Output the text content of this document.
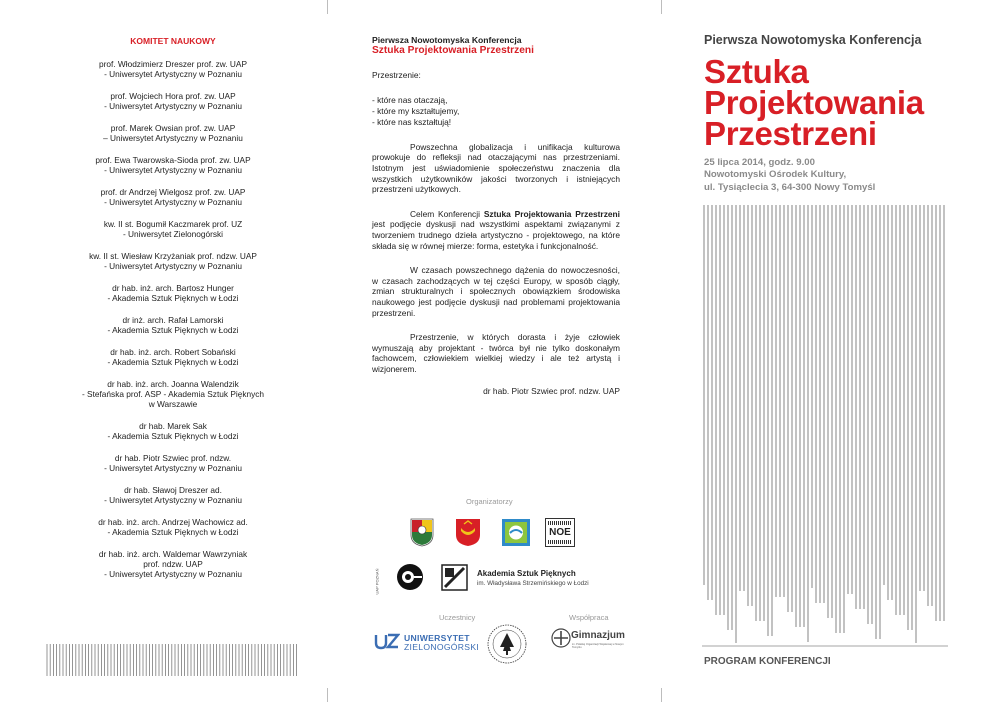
KOMITET NAUKOWY
prof. Włodzimierz Dreszer prof. zw. UAP
- Uniwersytet Artystyczny w Poznaniu
prof. Wojciech Hora prof. zw. UAP
- Uniwersytet Artystyczny w Poznaniu
prof. Marek Owsian prof. zw. UAP
– Uniwersytet Artystyczny w Poznaniu
prof. Ewa Twarowska-Sioda prof. zw. UAP
- Uniwersytet Artystyczny w Poznaniu
prof. dr Andrzej Wielgosz prof. zw. UAP
- Uniwersytet Artystyczny w Poznaniu
kw. II st. Bogumił Kaczmarek prof. UZ
- Uniwersytet Zielonogórski
kw. II st. Wiesław Krzyżaniak prof. ndzw. UAP
- Uniwersytet Artystyczny w Poznaniu
dr hab. inż. arch. Bartosz Hunger
- Akademia Sztuk Pięknych w Łodzi
dr inż. arch. Rafał Lamorski
- Akademia Sztuk Pięknych w Łodzi
dr hab. inż. arch. Robert Sobański
- Akademia Sztuk Pięknych w Łodzi
dr hab. inż. arch. Joanna Walendzik
- Stefańska prof. ASP - Akademia Sztuk Pięknych
w Warszawie
dr hab. Marek Sak
- Akademia Sztuk Pięknych w Łodzi
dr hab. Piotr Szwiec prof. ndzw.
- Uniwersytet Artystyczny w Poznaniu
dr hab. Sławoj Dreszer ad.
- Uniwersytet Artystyczny w Poznaniu
dr hab. inż. arch. Andrzej Wachowicz ad.
- Akademia Sztuk Pięknych w Łodzi
dr hab. inż. arch. Waldemar Wawrzyniak
prof. ndzw. UAP
- Uniwersytet Artystyczny w Poznaniu
Pierwsza Nowotomyska Konferencja
Sztuka Projektowania Przestrzeni
Przestrzenie:
- które nas otaczają,
- które my kształtujemy,
- które nas kształtują!
Powszechna globalizacja i unifikacja kulturowa prowokuje do refleksji nad otaczającymi nas przestrzeniami. Istotnym jest uświadomienie społeczeństwu znaczenia dla wszystkich użytkowników jakości tworzonych i istniejących przestrzeni użytkowych.
Celem Konferencji Sztuka Projektowania Przestrzeni jest podjęcie dyskusji nad wszystkimi aspektami związanymi z tworzeniem trudnego dzieła artystyczno - projektowego, na które składa się w równej mierze: forma, estetyka i funkcjonalność.
W czasach powszechnego dążenia do nowoczesności, w czasach zachodzących w tej części Europy, w sposób ciągły, zmian strukturalnych i społecznych obowiązkiem środowiska naukowego jest podjęcie dyskusji nad problemami projektowania przestrzeni.
Przestrzenie, w których dorasta i żyje człowiek wymuszają aby projektant - twórca był nie tylko doskonałym fachowcem, człowiekiem wielkiej wiedzy i ale też artystą i wizjonerem.
dr hab. Piotr Szwiec prof. ndzw. UAP
Organizatorzy
NOE
UAP POZNAŃ	Akademia Sztuk Pięknych
im. Władysława Strzemińskiego w Łodzi
Uczestnicy	Współpraca
UNIWERSYTET
ZIELONOGÓRSKI
Gimnazjum
im. Polskiej Organizacji Wojskowej w Nowym Tomyślu
Pierwsza Nowotomyska Konferencja
Sztuka
Projektowania
Przestrzeni
25 lipca 2014, godz. 9.00
Nowotomyski Ośrodek Kultury,
ul. Tysiąclecia 3, 64-300 Nowy Tomyśl
PROGRAM KONFERENCJI
